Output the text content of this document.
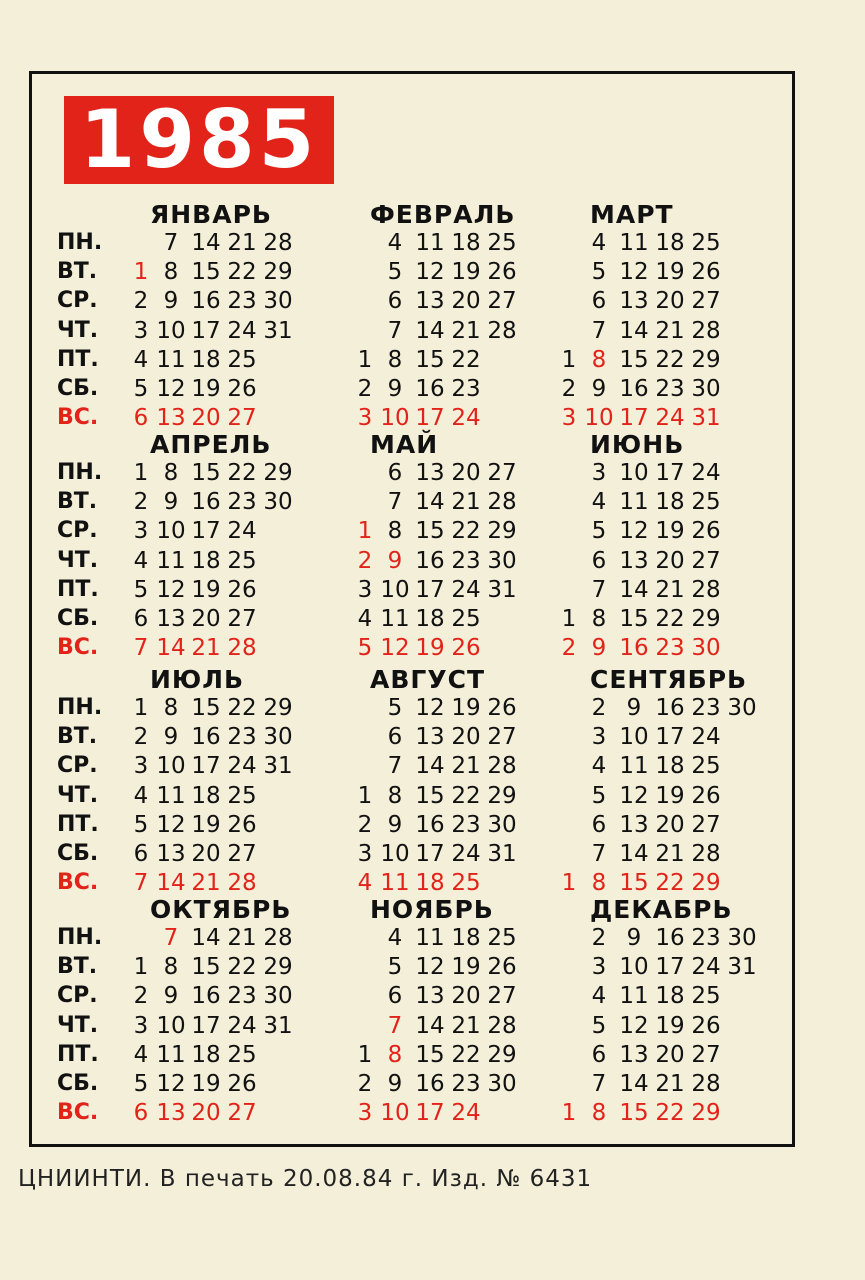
1985
ПН.
ВТ.
СР.
ЧТ.
ПТ.
СБ.
ВС.
ПН.
ВТ.
СР.
ЧТ.
ПТ.
СБ.
ВС.
ПН.
ВТ.
СР.
ЧТ.
ПТ.
СБ.
ВС.
ПН.
ВТ.
СР.
ЧТ.
ПТ.
СБ.
ВС.
ЯНВАРЬ
7 14 21 28
1 8 15 22 29
2 9 16 23 30
3 10 17 24 31
4 11 18 25
5 12 19 26
6 13 20 27
ФЕВРАЛЬ
4 11 18 25
5 12 19 26
6 13 20 27
7 14 21 28
1 8 15 22
2 9 16 23
3 10 17 24
МАРТ
4 11 18 25
5 12 19 26
6 13 20 27
7 14 21 28
1 8 15 22 29
2 9 16 23 30
3 10 17 24 31
АПРЕЛЬ
1 8 15 22 29
2 9 16 23 30
3 10 17 24
4 11 18 25
5 12 19 26
6 13 20 27
7 14 21 28
МАЙ
6 13 20 27
7 14 21 28
1 8 15 22 29
2 9 16 23 30
3 10 17 24 31
4 11 18 25
5 12 19 26
ИЮНЬ
3 10 17 24
4 11 18 25
5 12 19 26
6 13 20 27
7 14 21 28
1 8 15 22 29
2 9 16 23 30
ИЮЛЬ
1 8 15 22 29
2 9 16 23 30
3 10 17 24 31
4 11 18 25
5 12 19 26
6 13 20 27
7 14 21 28
АВГУСТ
5 12 19 26
6 13 20 27
7 14 21 28
1 8 15 22 29
2 9 16 23 30
3 10 17 24 31
4 11 18 25
СЕНТЯБРЬ
2 9 16 23 30
3 10 17 24
4 11 18 25
5 12 19 26
6 13 20 27
7 14 21 28
1 8 15 22 29
ОКТЯБРЬ
7 14 21 28
1 8 15 22 29
2 9 16 23 30
3 10 17 24 31
4 11 18 25
5 12 19 26
6 13 20 27
НОЯБРЬ
4 11 18 25
5 12 19 26
6 13 20 27
7 14 21 28
1 8 15 22 29
2 9 16 23 30
3 10 17 24
ДЕКАБРЬ
2 9 16 23 30
3 10 17 24 31
4 11 18 25
5 12 19 26
6 13 20 27
7 14 21 28
1 8 15 22 29
ЦНИИНТИ. В печать 20.08.84 г. Изд. № 6431
